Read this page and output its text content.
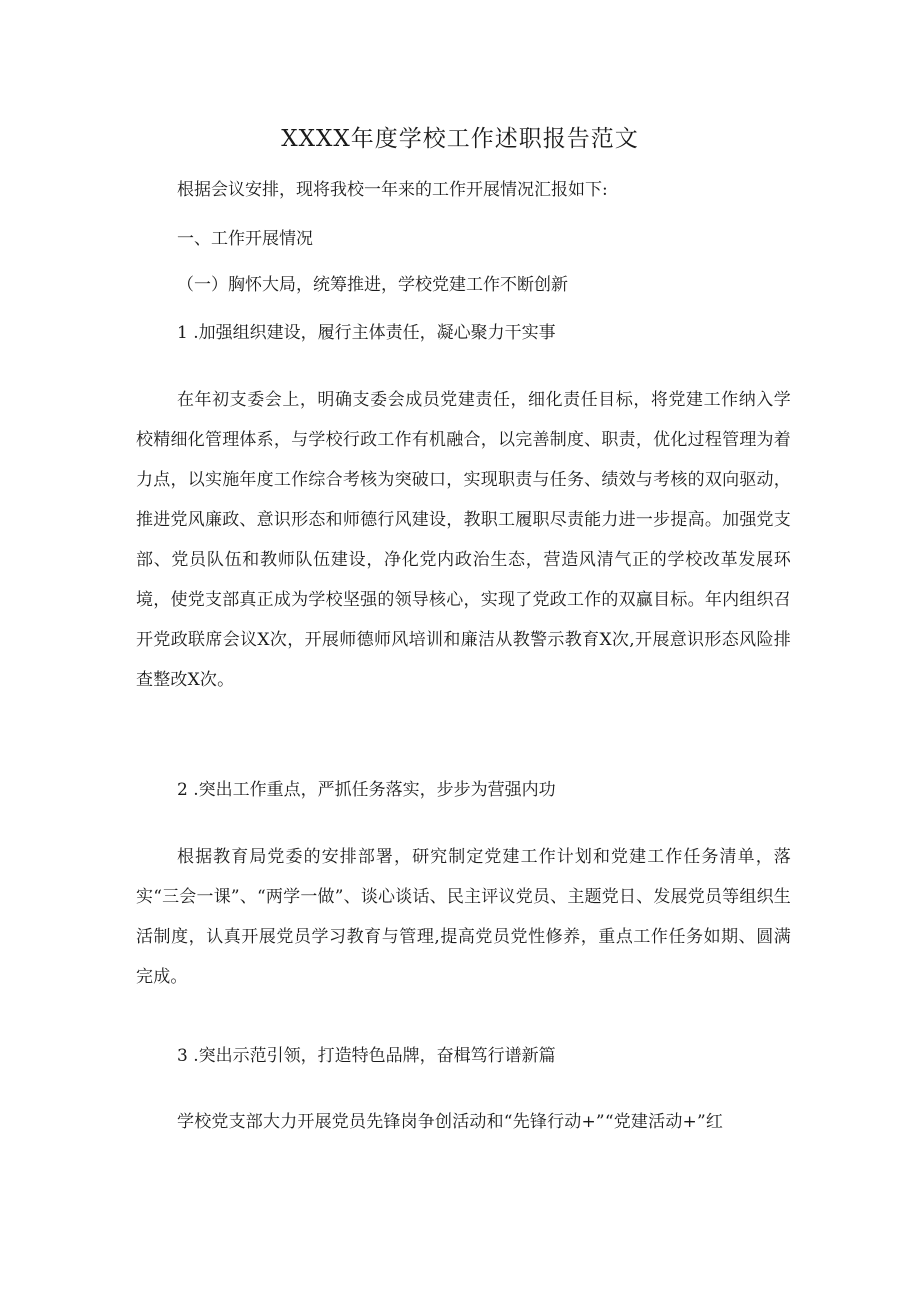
XXXX年度学校工作述职报告范文
根据会议安排，现将我校一年来的工作开展情况汇报如下:
一、工作开展情况
（一）胸怀大局，统筹推进，学校党建工作不断创新
1 .加强组织建设，履行主体责任，凝心聚力干实事
在年初支委会上，明确支委会成员党建责任，细化责任目标，将党建工作纳入学校精细化管理体系，与学校行政工作有机融合，以完善制度、职责，优化过程管理为着力点，以实施年度工作综合考核为突破口，实现职责与任务、绩效与考核的双向驱动，推进党风廉政、意识形态和师德行风建设，教职工履职尽责能力进一步提高。加强党支部、党员队伍和教师队伍建设，净化党内政治生态，营造风清气正的学校改革发展环境，使党支部真正成为学校坚强的领导核心，实现了党政工作的双赢目标。年内组织召开党政联席会议X次，开展师德师风培训和廉洁从教警示教育X次,开展意识形态风险排查整改X次。
2 .突出工作重点，严抓任务落实，步步为营强内功
根据教育局党委的安排部署，研究制定党建工作计划和党建工作任务清单，落实“三会一课”、“两学一做”、谈心谈话、民主评议党员、主题党日、发展党员等组织生活制度，认真开展党员学习教育与管理,提高党员党性修养，重点工作任务如期、圆满完成。
3 .突出示范引领，打造特色品牌，奋楫笃行谱新篇
学校党支部大力开展党员先锋岗争创活动和“先锋行动+”“党建活动+”红
